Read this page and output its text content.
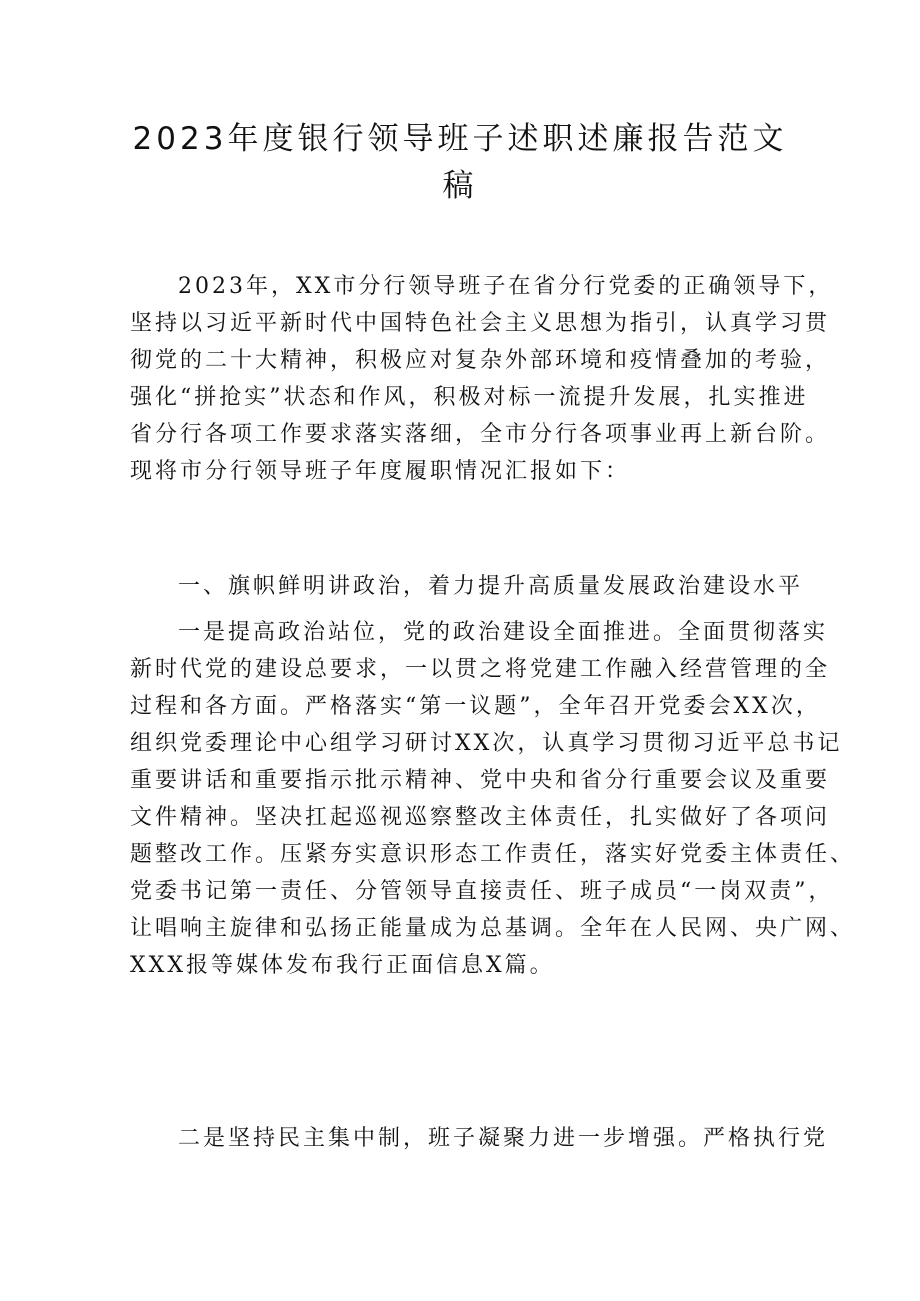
2023年度银行领导班子述职述廉报告范文
稿
2023年，XX市分行领导班子在省分行党委的正确领导下，
坚持以习近平新时代中国特色社会主义思想为指引，认真学习贯
彻党的二十大精神，积极应对复杂外部环境和疫情叠加的考验，
强化“拼抢实”状态和作风，积极对标一流提升发展，扎实推进
省分行各项工作要求落实落细，全市分行各项事业再上新台阶。
现将市分行领导班子年度履职情况汇报如下：
一、旗帜鲜明讲政治，着力提升高质量发展政治建设水平
一是提高政治站位，党的政治建设全面推进。全面贯彻落实
新时代党的建设总要求，一以贯之将党建工作融入经营管理的全
过程和各方面。严格落实“第一议题”，全年召开党委会XX次，
组织党委理论中心组学习研讨XX次，认真学习贯彻习近平总书记
重要讲话和重要指示批示精神、党中央和省分行重要会议及重要
文件精神。坚决扛起巡视巡察整改主体责任，扎实做好了各项问
题整改工作。压紧夯实意识形态工作责任，落实好党委主体责任、
党委书记第一责任、分管领导直接责任、班子成员“一岗双责”，
让唱响主旋律和弘扬正能量成为总基调。全年在人民网、央广网、
XXX报等媒体发布我行正面信息X篇。
二是坚持民主集中制，班子凝聚力进一步增强。严格执行党
